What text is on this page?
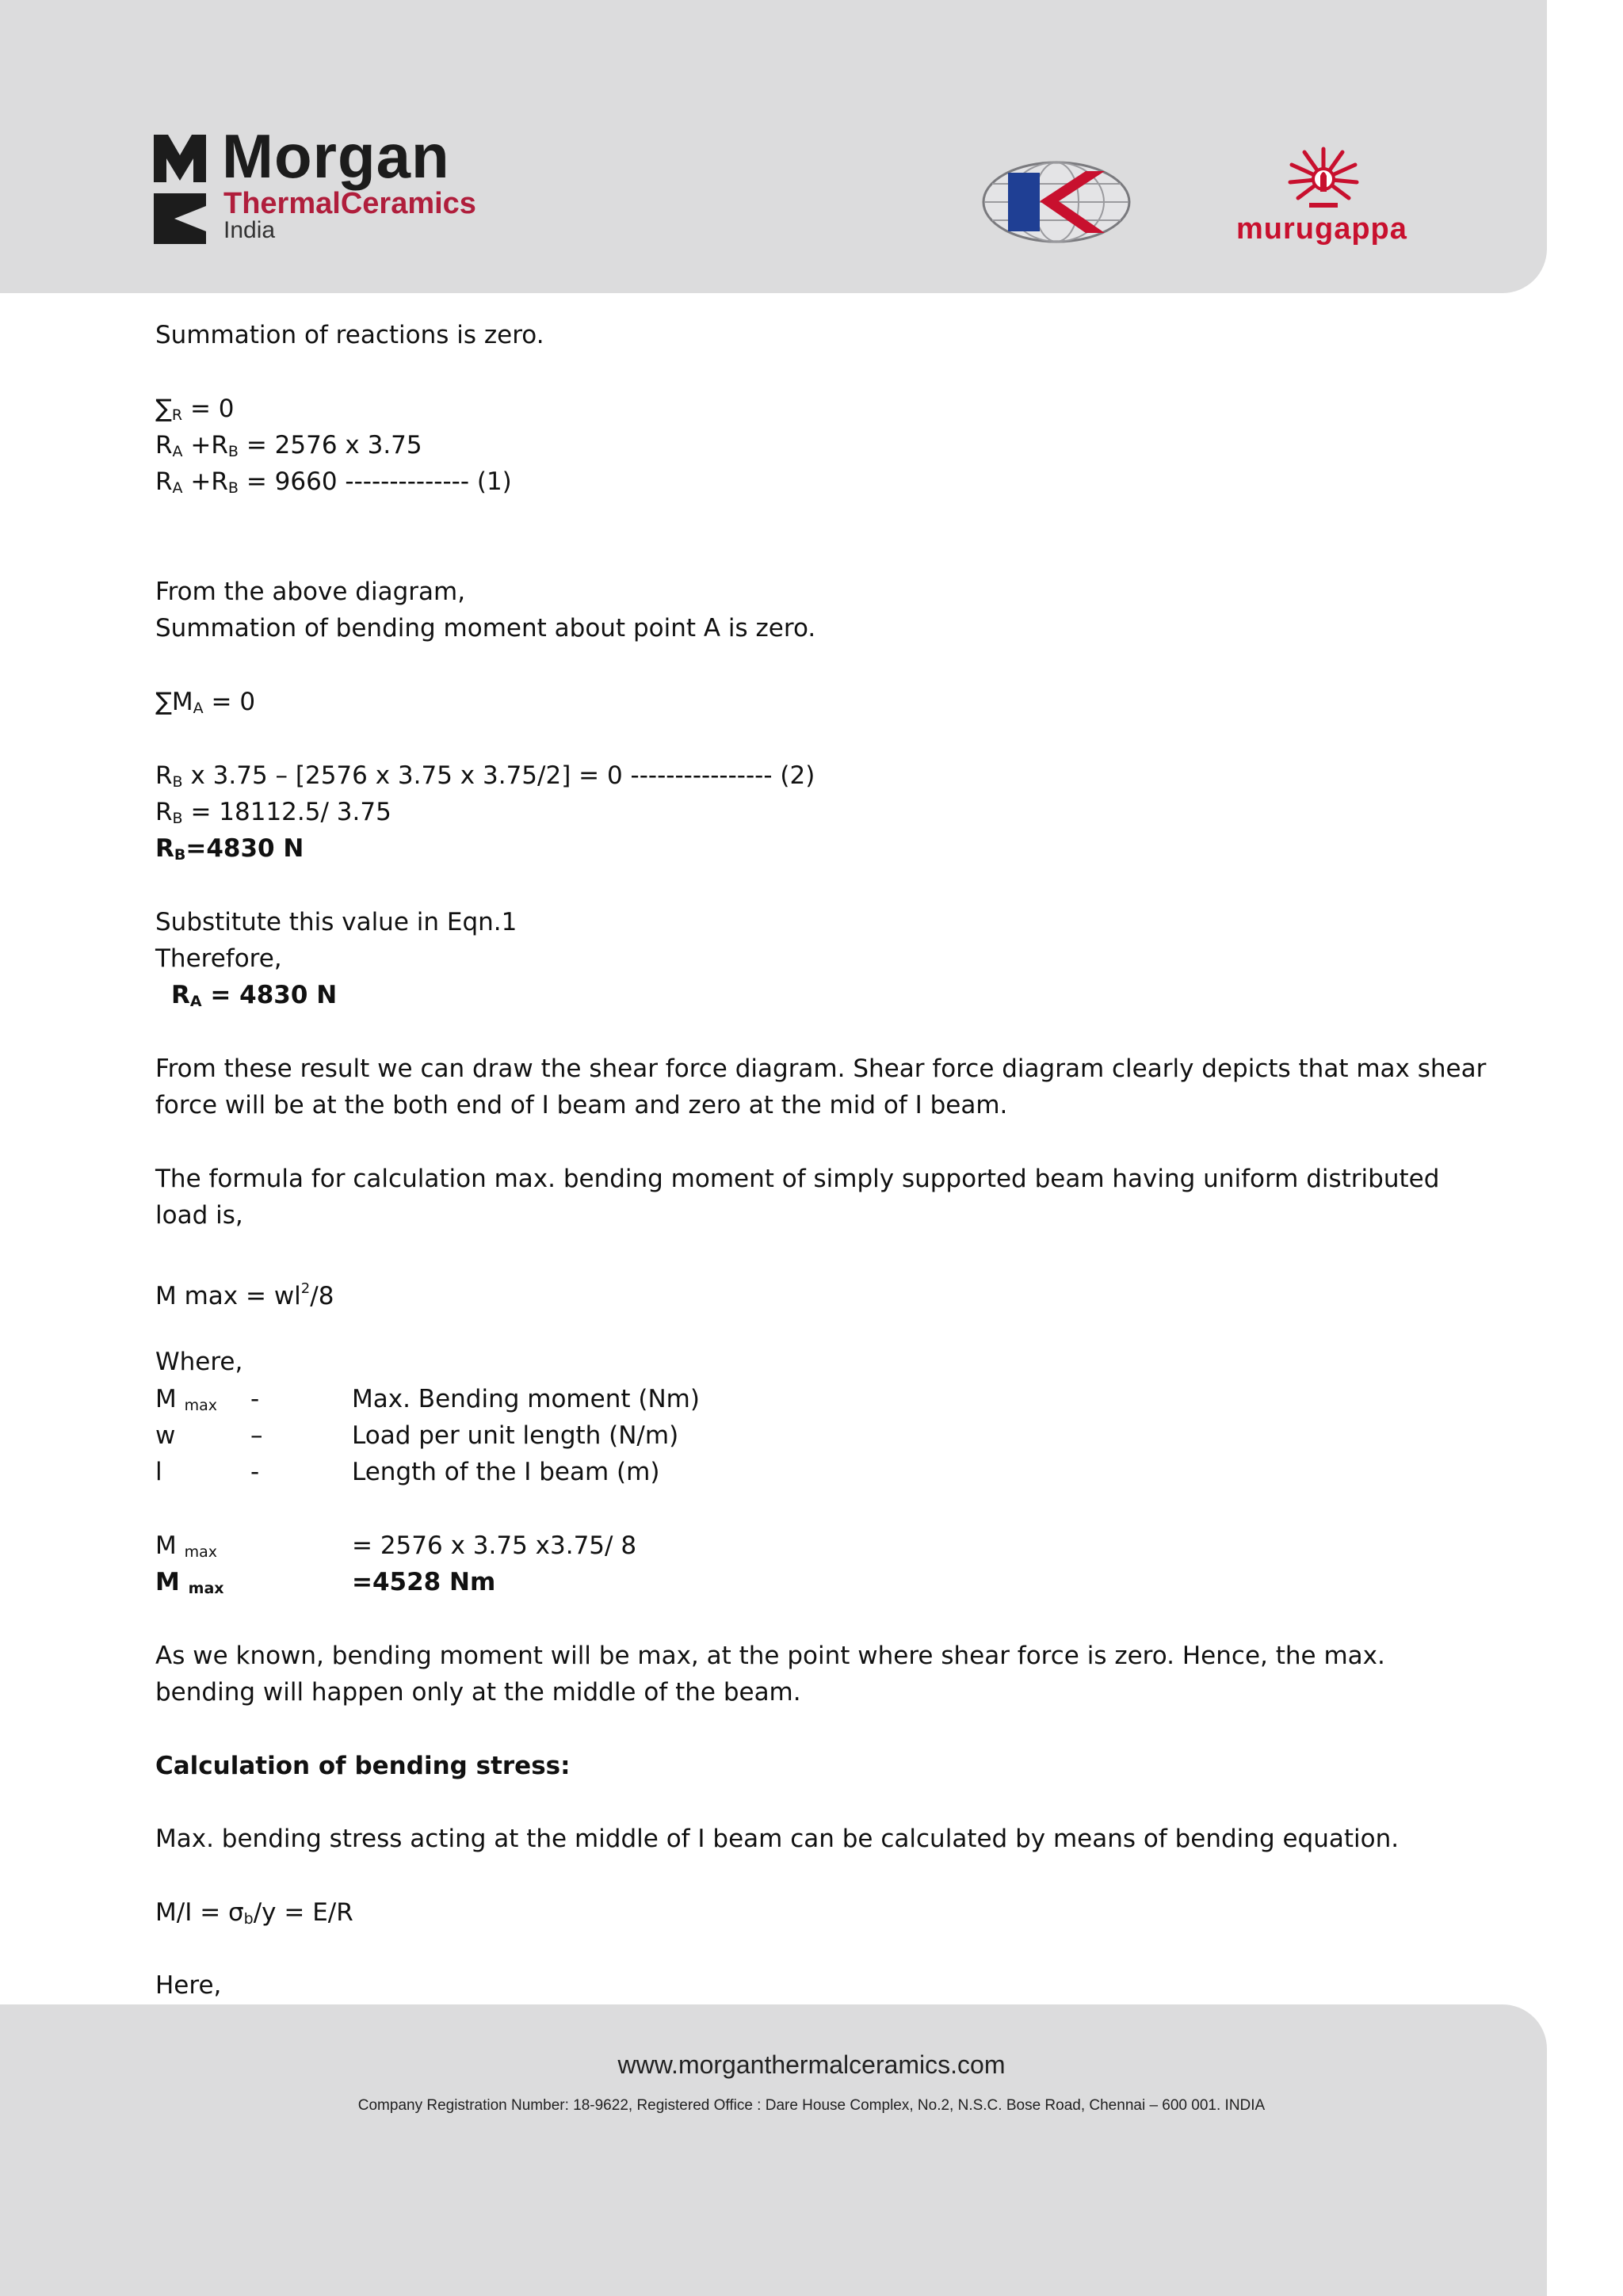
Morgan
ThermalCeramics
India	murugappa
Summation of reactions is zero.
$\sum_R = 0$
$R_A +R_B = 2576$ x 3.75
$R_A +R_B = 9660$ -------------- (1)
From the above diagram,
Summation of bending moment about point A is zero.
$\sum M_A = 0$
$R_B$ x 3.75 – [2576 x 3.75 x 3.75/2] = 0 ---------------- (2)
$R_B = 18112.5/$ 3.75
$R_B=4830$ N
Substitute this value in Eqn.1
Therefore,
$R_A = 4830$ N
From these result we can draw the shear force diagram. Shear force diagram clearly depicts that max shear
force will be at the both end of I beam and zero at the mid of I beam.
The formula for calculation max. bending moment of simply supported beam having uniform distributed
load is,
M $\max = wl^2/8$
Where,
M $_{max}$ -	Max. Bending moment (Nm)
w	–	Load per unit length (N/m)
l	-	Length of the I beam (m)
M $_{max}$	= 2576 x 3.75 x3.75/ 8
M $_{max}$	=4528 Nm
As we known, bending moment will be max, at the point where shear force is zero. Hence, the max.
bending will happen only at the middle of the beam.
Calculation of bending stress:
Max. bending stress acting at the middle of I beam can be calculated by means of bending equation.
$M/I = \sigma_b/y = E/R$
Here,
www.morganthermalceramics.com
Company Registration Number: 18-9622, Registered Office : Dare House Complex, No.2, N.S.C. Bose Road, Chennai – 600 001. INDIA
